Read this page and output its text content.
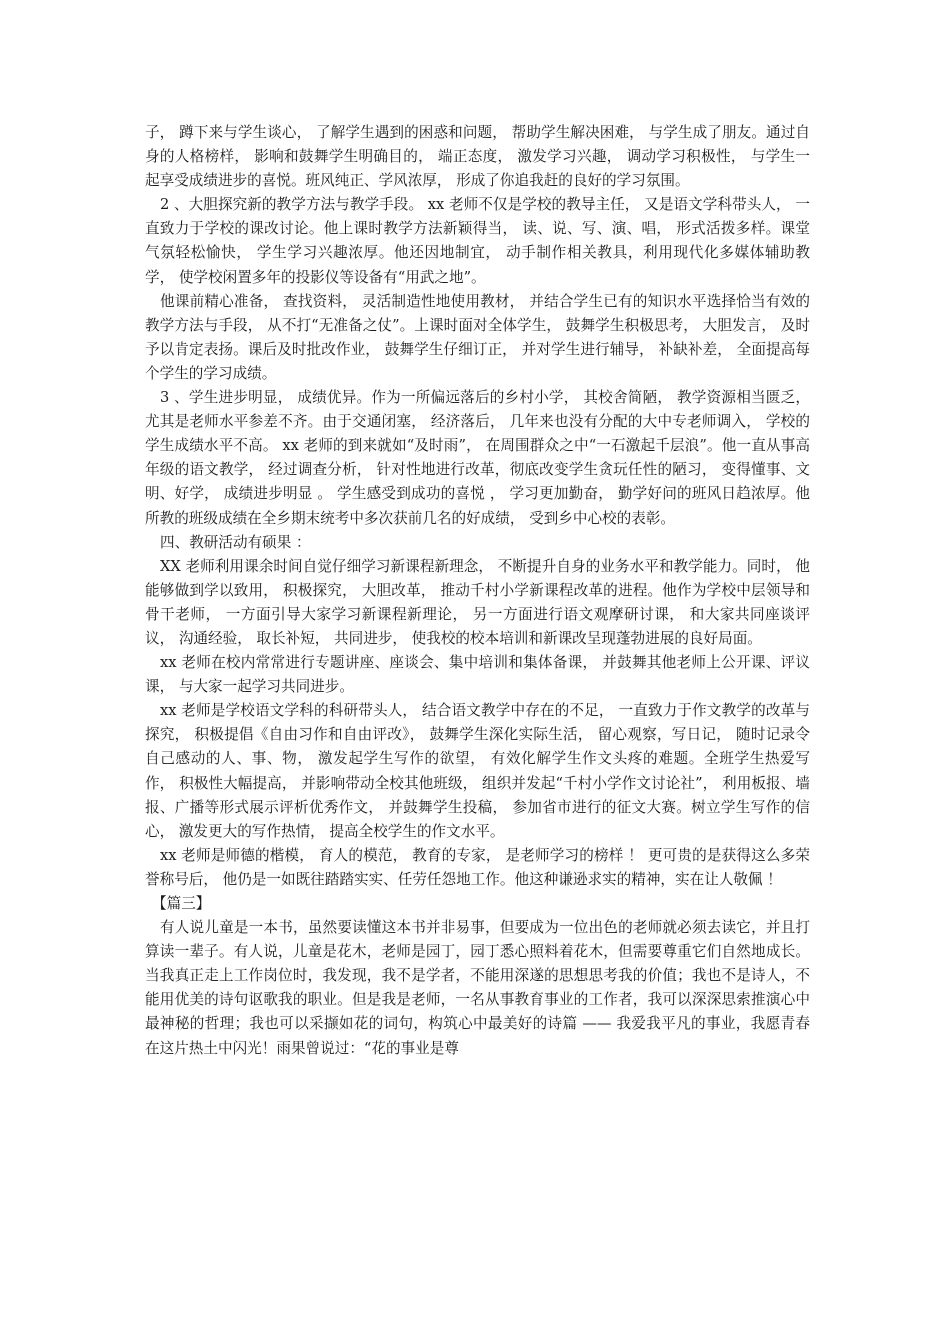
子， 蹲下来与学生谈心， 了解学生遇到的困惑和问题， 帮助学生解决困难， 与学生成了朋友。通过自身的人格榜样， 影响和鼓舞学生明确目的， 端正态度， 激发学习兴趣， 调动学习积极性， 与学生一起享受成绩进步的喜悦。班风纯正、学风浓厚， 形成了你追我赶的良好的学习氛围。

2 、大胆探究新的教学方法与教学手段。 xx 老师不仅是学校的教导主任， 又是语文学科带头人， 一直致力于学校的课改讨论。他上课时教学方法新颖得当， 读、说、写、演、唱， 形式活拨多样。课堂气氛轻松愉快， 学生学习兴趣浓厚。他还因地制宜， 动手制作相关教具，利用现代化多媒体辅助教学， 使学校闲置多年的投影仪等设备有“用武之地”。

他课前精心准备， 查找资料， 灵活制造性地使用教材， 并结合学生已有的知识水平选择恰当有效的教学方法与手段， 从不打“无准备之仗”。上课时面对全体学生， 鼓舞学生积极思考， 大胆发言， 及时予以肯定表扬。课后及时批改作业， 鼓舞学生仔细订正， 并对学生进行辅导， 补缺补差， 全面提高每个学生的学习成绩。

3 、学生进步明显， 成绩优异。作为一所偏远落后的乡村小学， 其校舍简陋， 教学资源相当匮乏， 尤其是老师水平参差不齐。由于交通闭塞， 经济落后， 几年来也没有分配的大中专老师调入， 学校的学生成绩水平不高。 xx 老师的到来就如“及时雨”， 在周围群众之中“一石激起千层浪”。他一直从事高年级的语文教学， 经过调查分析， 针对性地进行改革，彻底改变学生贪玩任性的陋习， 变得懂事、文明、好学， 成绩进步明显 。 学生感受到成功的喜悦 ， 学习更加勤奋， 勤学好问的班风日趋浓厚。他所教的班级成绩在全乡期末统考中多次获前几名的好成绩， 受到乡中心校的表彰。

四、教研活动有硕果 ：

XX 老师利用课余时间自觉仔细学习新课程新理念， 不断提升自身的业务水平和教学能力。同时， 他能够做到学以致用， 积极探究， 大胆改革， 推动千村小学新课程改革的进程。他作为学校中层领导和骨干老师， 一方面引导大家学习新课程新理论， 另一方面进行语文观摩研讨课， 和大家共同座谈评议， 沟通经验， 取长补短， 共同进步， 使我校的校本培训和新课改呈现蓬勃进展的良好局面。

xx 老师在校内常常进行专题讲座、座谈会、集中培训和集体备课， 并鼓舞其他老师上公开课、评议课， 与大家一起学习共同进步。

xx 老师是学校语文学科的科研带头人， 结合语文教学中存在的不足， 一直致力于作文教学的改革与探究， 积极提倡《自由习作和自由评改》， 鼓舞学生深化实际生活， 留心观察，写日记， 随时记录令自己感动的人、事、物， 激发起学生写作的欲望， 有效化解学生作文头疼的难题。全班学生热爱写作， 积极性大幅提高， 并影响带动全校其他班级， 组织并发起“千村小学作文讨论社”， 利用板报、墙报、广播等形式展示评析优秀作文， 并鼓舞学生投稿， 参加省市进行的征文大赛。树立学生写作的信心， 激发更大的写作热情， 提高全校学生的作文水平。

xx 老师是师德的楷模， 育人的模范， 教育的专家， 是老师学习的榜样 ！ 更可贵的是获得这么多荣誉称号后， 他仍是一如既往踏踏实实、任劳任怨地工作。他这种谦逊求实的精神，实在让人敬佩 ！

【篇三】

有人说儿童是一本书，虽然要读懂这本书并非易事，但要成为一位出色的老师就必须去读它，并且打算读一辈子。有人说，儿童是花木，老师是园丁，园丁悉心照料着花木，但需要尊重它们自然地成长。当我真正走上工作岗位时，我发现，我不是学者，不能用深遂的思想思考我的价值；我也不是诗人，不能用优美的诗句讴歌我的职业。但是我是老师，一名从事教育事业的工作者，我可以深深思索推演心中最神秘的哲理；我也可以采撷如花的词句，构筑心中最美好的诗篇 —— 我爱我平凡的事业，我愿青春在这片热土中闪光！雨果曾说过：“花的事业是尊
